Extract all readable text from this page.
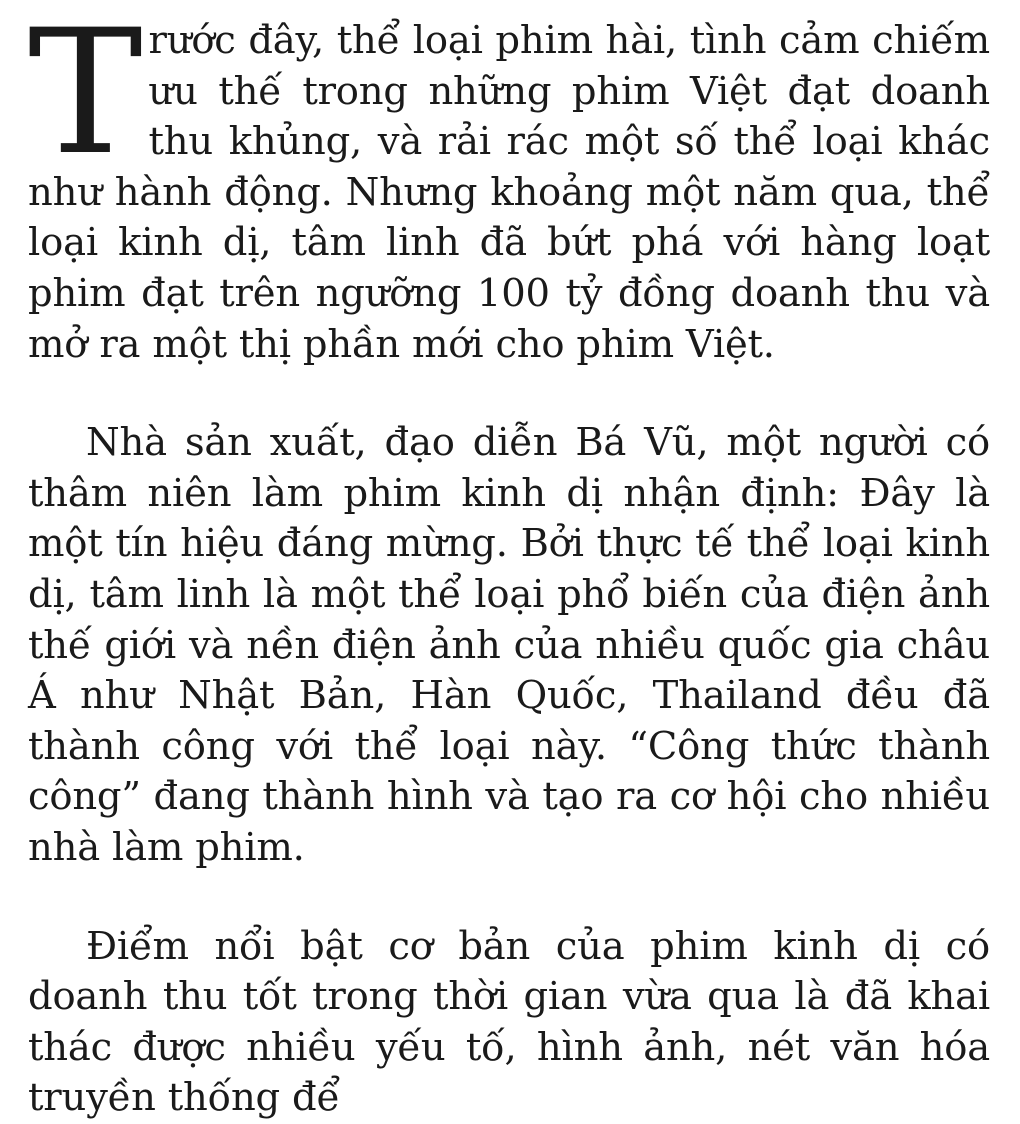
Trước đây, thể loại phim hài, tình cảm chiếm ưu thế trong những phim Việt đạt doanh thu khủng, và rải rác một số thể loại khác như hành động. Nhưng khoảng một năm qua, thể loại kinh dị, tâm linh đã bứt phá với hàng loạt phim đạt trên ngưỡng 100 tỷ đồng doanh thu và mở ra một thị phần mới cho phim Việt.

Nhà sản xuất, đạo diễn Bá Vũ, một người có thâm niên làm phim kinh dị nhận định: Đây là một tín hiệu đáng mừng. Bởi thực tế thể loại kinh dị, tâm linh là một thể loại phổ biến của điện ảnh thế giới và nền điện ảnh của nhiều quốc gia châu Á như Nhật Bản, Hàn Quốc, Thailand đều đã thành công với thể loại này. “Công thức thành công” đang thành hình và tạo ra cơ hội cho nhiều nhà làm phim.

Điểm nổi bật cơ bản của phim kinh dị có doanh thu tốt trong thời gian vừa qua là đã khai thác được nhiều yếu tố, hình ảnh, nét văn hóa truyền thống để
